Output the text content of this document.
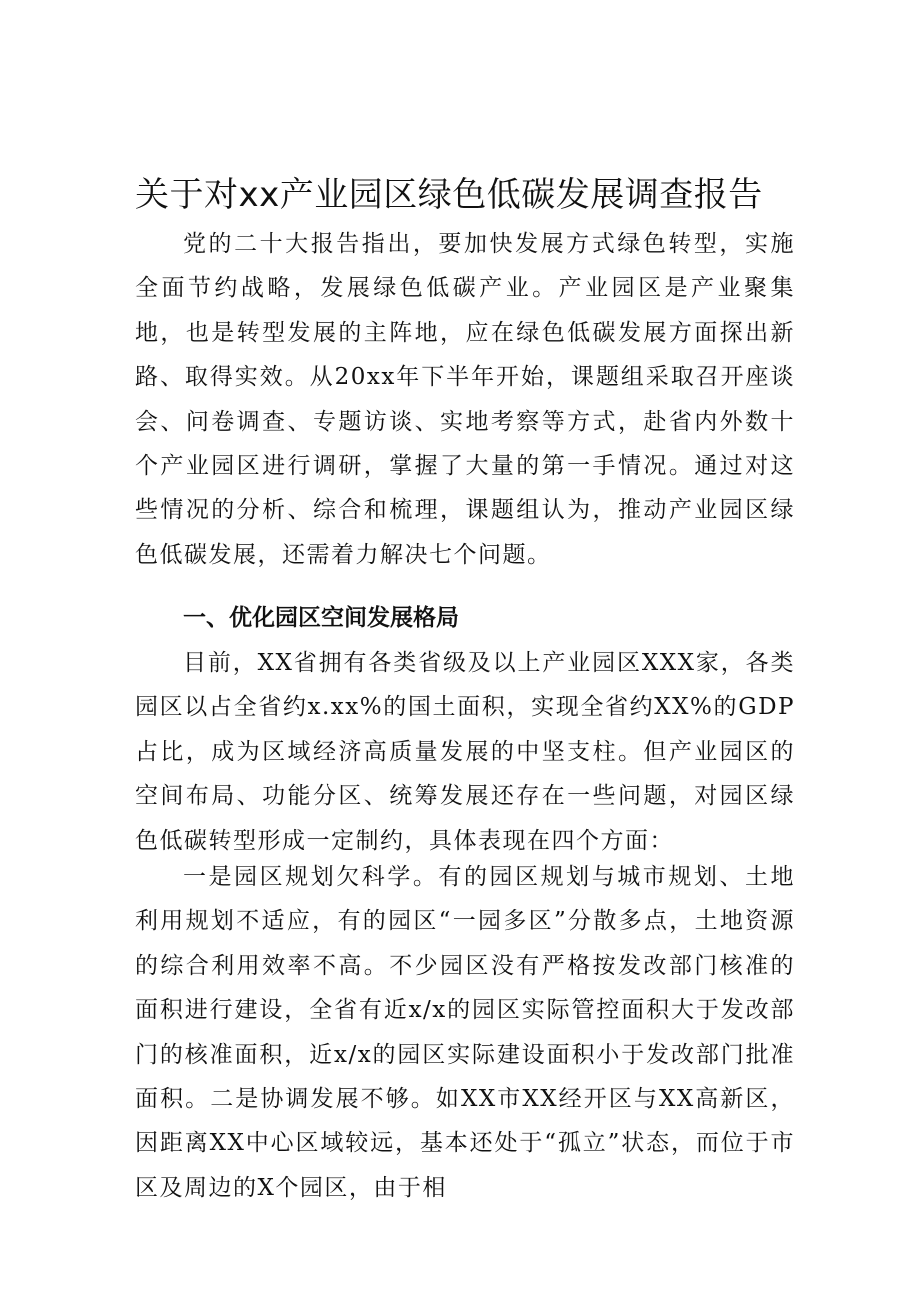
关于对xx产业园区绿色低碳发展调查报告

党的二十大报告指出，要加快发展方式绿色转型，实施全面节约战略，发展绿色低碳产业。产业园区是产业聚集地，也是转型发展的主阵地，应在绿色低碳发展方面探出新路、取得实效。从20xx年下半年开始，课题组采取召开座谈会、问卷调查、专题访谈、实地考察等方式，赴省内外数十个产业园区进行调研，掌握了大量的第一手情况。通过对这些情况的分析、综合和梳理，课题组认为，推动产业园区绿色低碳发展，还需着力解决七个问题。

一、优化园区空间发展格局

目前，XX省拥有各类省级及以上产业园区XXX家，各类园区以占全省约x.xx%的国土面积，实现全省约XX%的GDP占比，成为区域经济高质量发展的中坚支柱。但产业园区的空间布局、功能分区、统筹发展还存在一些问题，对园区绿色低碳转型形成一定制约，具体表现在四个方面：

一是园区规划欠科学。有的园区规划与城市规划、土地利用规划不适应，有的园区“一园多区”分散多点，土地资源的综合利用效率不高。不少园区没有严格按发改部门核准的面积进行建设，全省有近x/x的园区实际管控面积大于发改部门的核准面积，近x/x的园区实际建设面积小于发改部门批准面积。二是协调发展不够。如XX市XX经开区与XX高新区，因距离XX中心区域较远，基本还处于“孤立”状态，而位于市区及周边的X个园区，由于相
